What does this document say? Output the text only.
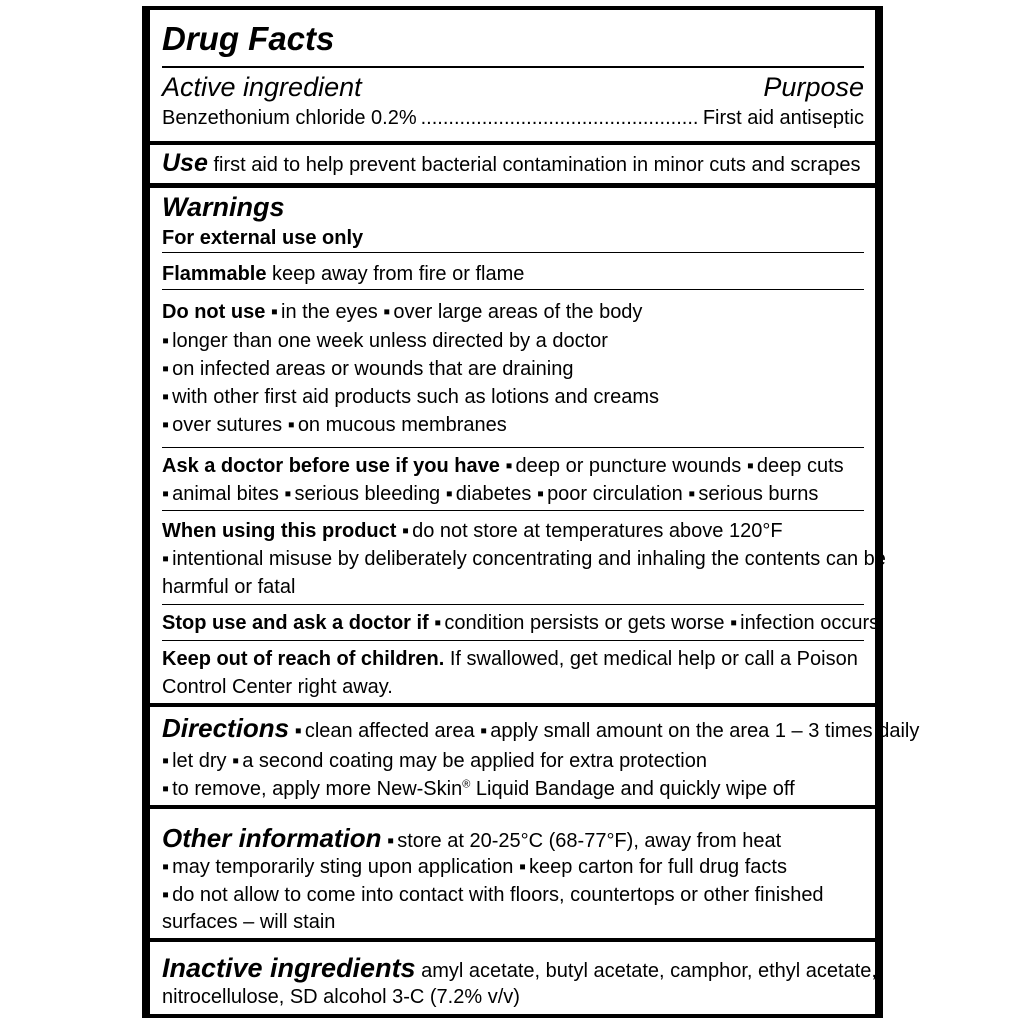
Drug Facts
Active ingredient	Purpose
Benzethonium chloride 0.2% .....	First aid antiseptic
Use first aid to help prevent bacterial contamination in minor cuts and scrapes
Warnings
For external use only
Flammable keep away from fire or flame
Do not use ▪ in the eyes ▪ over large areas of the body
▪ longer than one week unless directed by a doctor
▪ on infected areas or wounds that are draining
▪ with other first aid products such as lotions and creams
▪ over sutures ▪ on mucous membranes
Ask a doctor before use if you have ▪ deep or puncture wounds ▪ deep cuts
▪ animal bites ▪ serious bleeding ▪ diabetes ▪ poor circulation ▪ serious burns
When using this product ▪ do not store at temperatures above 120°F
▪ intentional misuse by deliberately concentrating and inhaling the contents can be
harmful or fatal
Stop use and ask a doctor if ▪ condition persists or gets worse ▪ infection occurs
Keep out of reach of children. If swallowed, get medical help or call a Poison
Control Center right away.
Directions ▪ clean affected area ▪ apply small amount on the area 1 – 3 times daily
▪ let dry ▪ a second coating may be applied for extra protection
▪ to remove, apply more New-Skin® Liquid Bandage and quickly wipe off
Other information ▪ store at 20-25°C (68-77°F), away from heat
▪ may temporarily sting upon application ▪ keep carton for full drug facts
▪ do not allow to come into contact with floors, countertops or other finished
surfaces – will stain
Inactive ingredients amyl acetate, butyl acetate, camphor, ethyl acetate,
nitrocellulose, SD alcohol 3-C (7.2% v/v)
